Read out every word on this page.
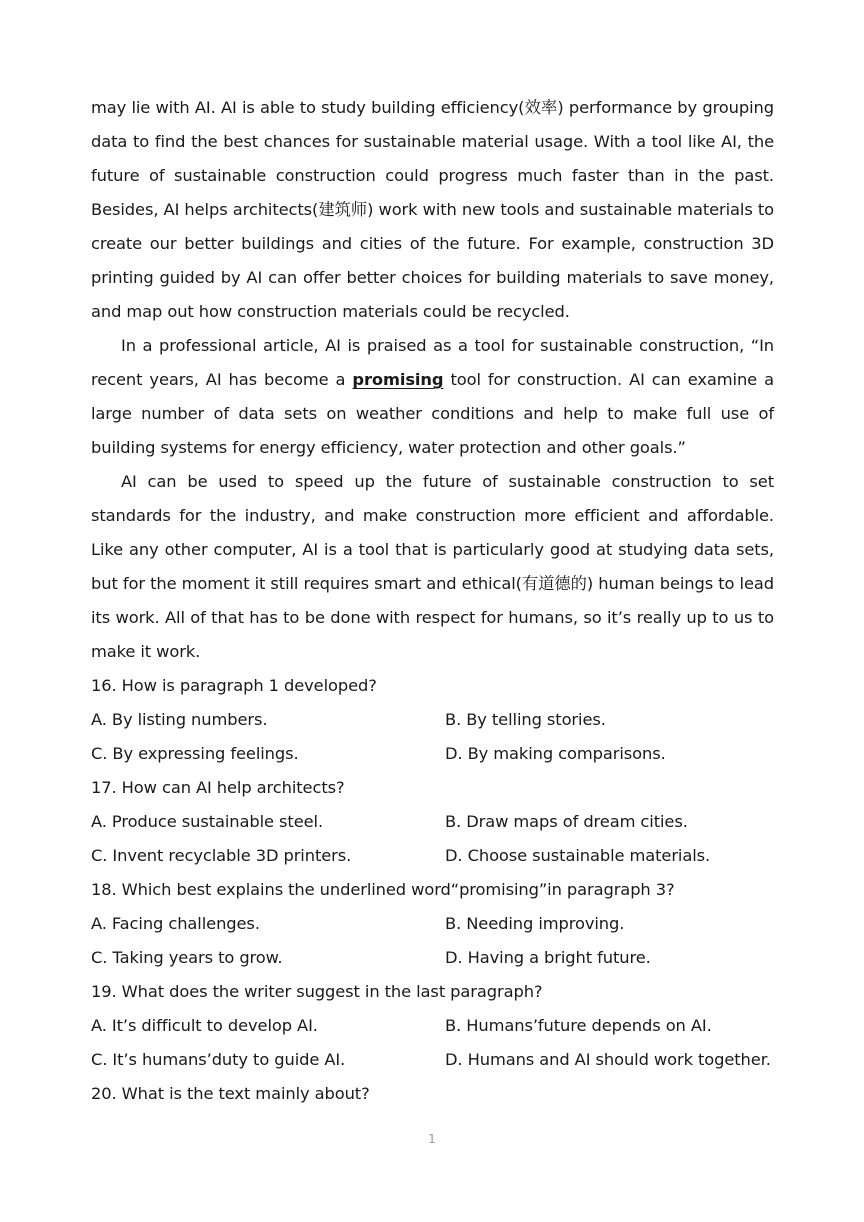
may lie with AI. AI is able to study building efficiency(效率) performance by grouping data to find the best chances for sustainable material usage. With a tool like AI, the future of sustainable construction could progress much faster than in the past. Besides, AI helps architects(建筑师) work with new tools and sustainable materials to create our better buildings and cities of the future. For example, construction 3D printing guided by AI can offer better choices for building materials to save money, and map out how construction materials could be recycled.

In a professional article, AI is praised as a tool for sustainable construction, “In recent years, AI has become a promising tool for construction. AI can examine a large number of data sets on weather conditions and help to make full use of building systems for energy efficiency, water protection and other goals.”

AI can be used to speed up the future of sustainable construction to set standards for the industry, and make construction more efficient and affordable. Like any other computer, AI is a tool that is particularly good at studying data sets, but for the moment it still requires smart and ethical(有道德的) human beings to lead its work. All of that has to be done with respect for humans, so it’s really up to us to make it work.

16. How is paragraph 1 developed?

A. By listing numbers.	B. By telling stories.
C. By expressing feelings.	D. By making comparisons.

17. How can AI help architects?

A. Produce sustainable steel.	B. Draw maps of dream cities.
C. Invent recyclable 3D printers.	D. Choose sustainable materials.

18. Which best explains the underlined word“promising”in paragraph 3?

A. Facing challenges.	B. Needing improving.
C. Taking years to grow.	D. Having a bright future.

19. What does the writer suggest in the last paragraph?

A. It’s difficult to develop AI.	B. Humans’future depends on AI.
C. It’s humans’duty to guide AI.	D. Humans and AI should work together.

20. What is the text mainly about?

1
